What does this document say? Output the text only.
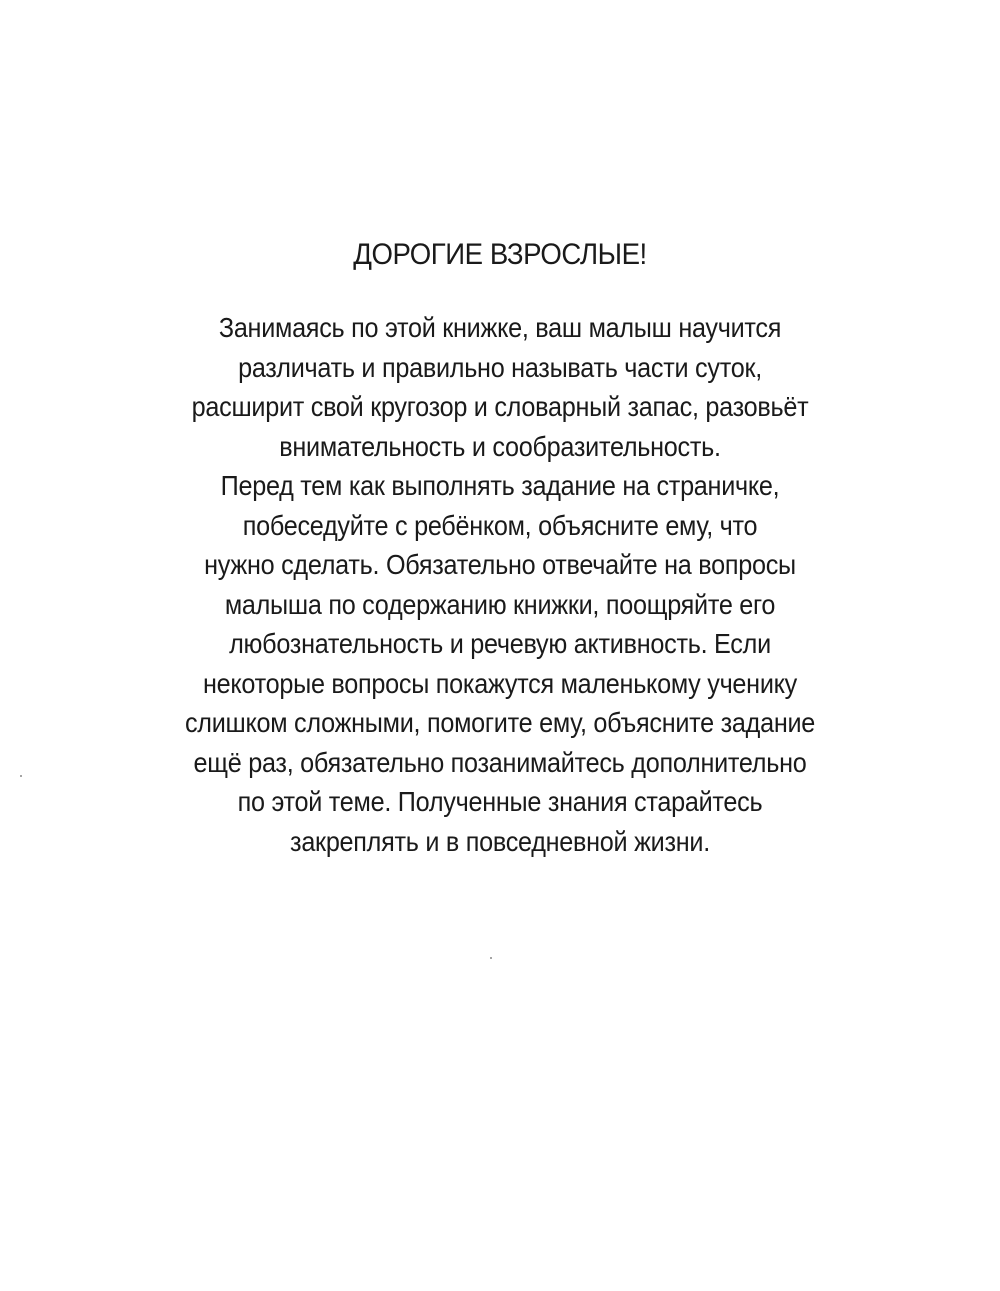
ДОРОГИЕ ВЗРОСЛЫЕ!
Занимаясь по этой книжке, ваш малыш научится
различать и правильно называть части суток,
расширит свой кругозор и словарный запас, разовьёт
внимательность и сообразительность.
Перед тем как выполнять задание на страничке,
побеседуйте с ребёнком, объясните ему, что
нужно сделать. Обязательно отвечайте на вопросы
малыша по содержанию книжки, поощряйте его
любознательность и речевую активность. Если
некоторые вопросы покажутся маленькому ученику
слишком сложными, помогите ему, объясните задание
ещё раз, обязательно позанимайтесь дополнительно
по этой теме. Полученные знания старайтесь
закреплять и в повседневной жизни.
